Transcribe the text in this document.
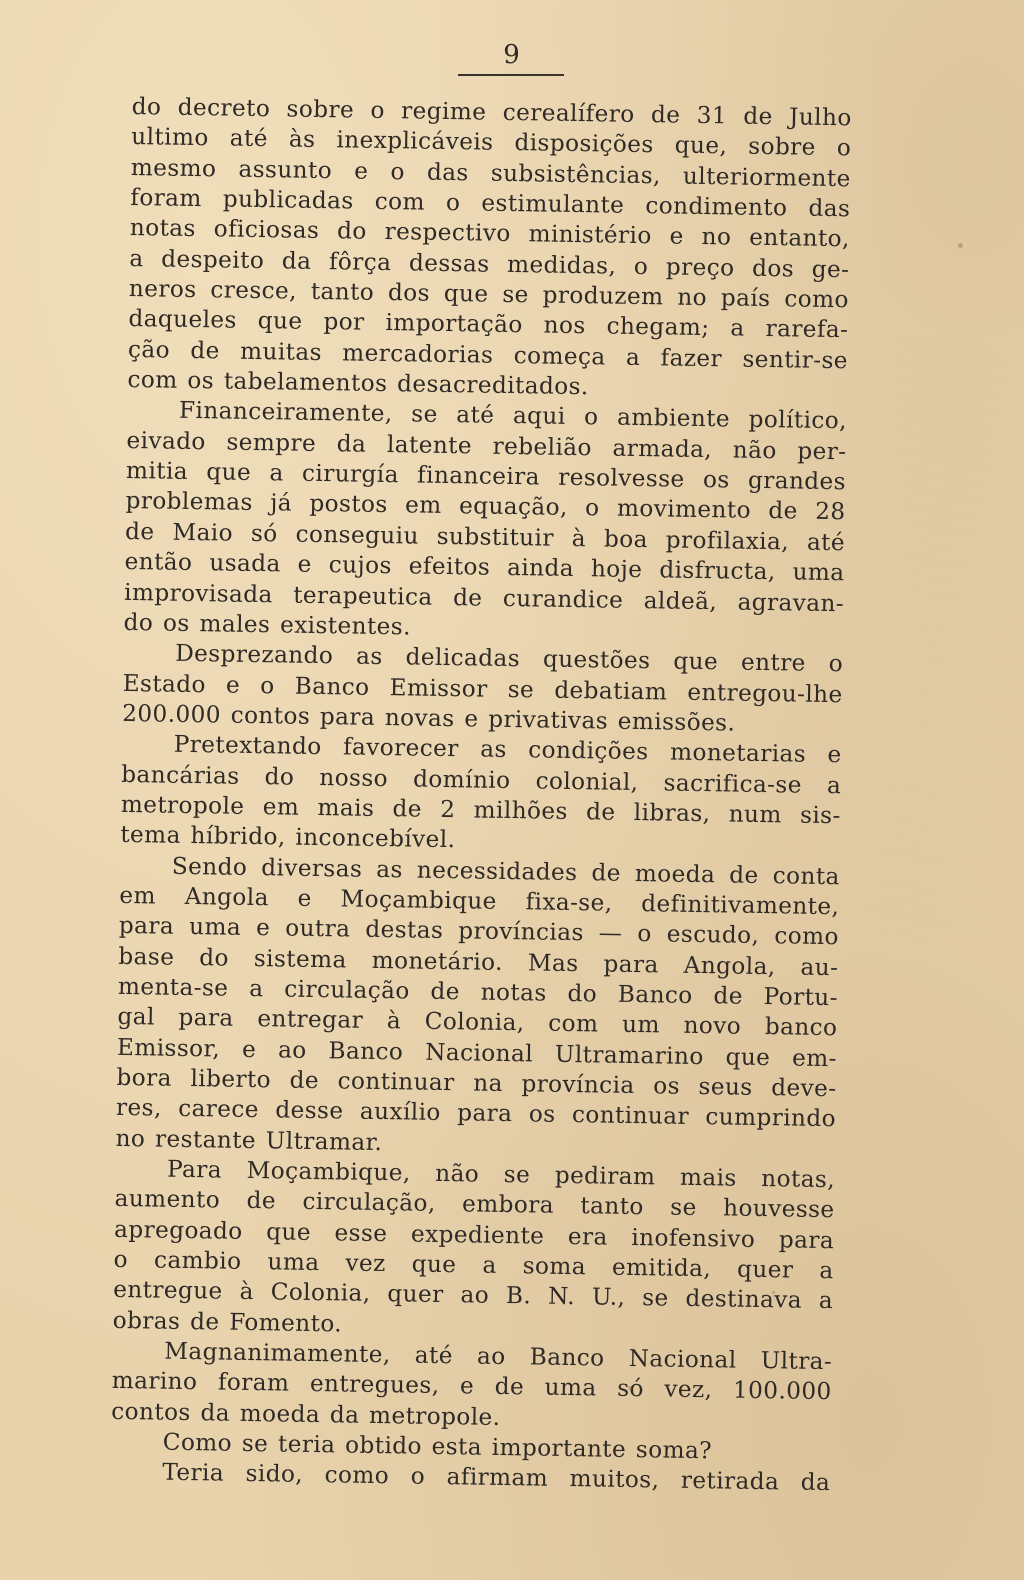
9
do decreto sobre o regime cerealífero de 31 de Julho
ultimo até às inexplicáveis disposições que, sobre o
mesmo assunto e o das subsistências, ulteriormente
foram publicadas com o estimulante condimento das
notas oficiosas do respectivo ministério e no entanto,
a despeito da fôrça dessas medidas, o preço dos ge-
neros cresce, tanto dos que se produzem no país como
daqueles que por importação nos chegam; a rarefa-
ção de muitas mercadorias começa a fazer sentir-se
com os tabelamentos desacreditados.
Financeiramente, se até aqui o ambiente político,
eivado sempre da latente rebelião armada, não per-
mitia que a cirurgía financeira resolvesse os grandes
problemas já postos em equação, o movimento de 28
de Maio só conseguiu substituir à boa profilaxia, até
então usada e cujos efeitos ainda hoje disfructa, uma
improvisada terapeutica de curandice aldeã, agravan-
do os males existentes.
Desprezando as delicadas questões que entre o
Estado e o Banco Emissor se debatiam entregou-lhe
200.000 contos para novas e privativas emissões.
Pretextando favorecer as condições monetarias e
bancárias do nosso domínio colonial, sacrifica-se a
metropole em mais de 2 milhões de libras, num sis-
tema híbrido, inconcebível.
Sendo diversas as necessidades de moeda de conta
em Angola e Moçambique fixa-se, definitivamente,
para uma e outra destas províncias — o escudo, como
base do sistema monetário. Mas para Angola, au-
menta-se a circulação de notas do Banco de Portu-
gal para entregar à Colonia, com um novo banco
Emissor, e ao Banco Nacional Ultramarino que em-
bora liberto de continuar na província os seus deve-
res, carece desse auxílio para os continuar cumprindo
no restante Ultramar.
Para Moçambique, não se pediram mais notas,
aumento de circulação, embora tanto se houvesse
apregoado que esse expediente era inofensivo para
o cambio uma vez que a soma emitida, quer a
entregue à Colonia, quer ao B. N. U., se destinava a
obras de Fomento.
Magnanimamente, até ao Banco Nacional Ultra-
marino foram entregues, e de uma só vez, 100.000
contos da moeda da metropole.
Como se teria obtido esta importante soma?
Teria sido, como o afirmam muitos, retirada da
